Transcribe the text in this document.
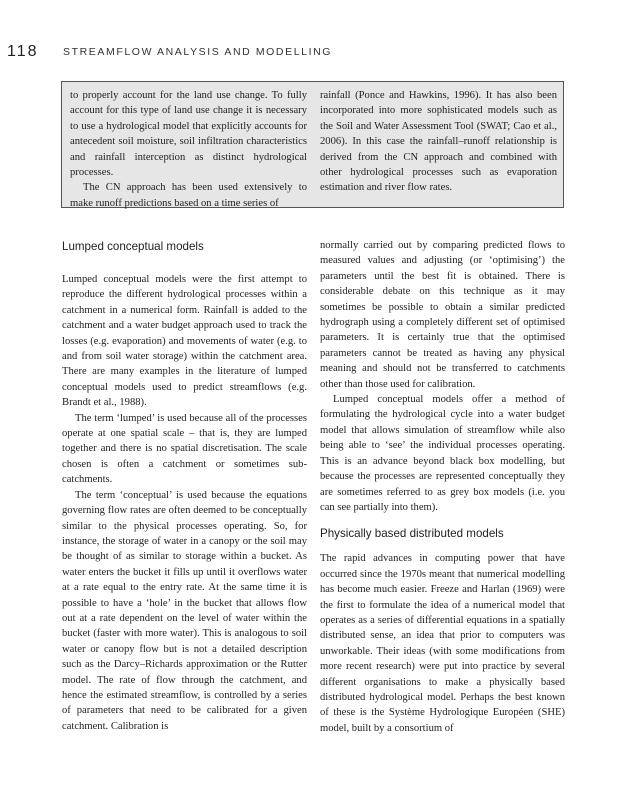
118 STREAMFLOW ANALYSIS AND MODELLING

to properly account for the land use change. To fully account for this type of land use change it is necessary to use a hydrological model that explicitly accounts for antecedent soil moisture, soil infiltration characteristics and rainfall interception as distinct hydrological processes.

The CN approach has been used extensively to make runoff predictions based on a time series of

rainfall (Ponce and Hawkins, 1996). It has also been incorporated into more sophisticated models such as the Soil and Water Assessment Tool (SWAT; Cao et al., 2006). In this case the rainfall–runoff relationship is derived from the CN approach and combined with other hydrological processes such as evaporation estimation and river flow rates.

Lumped conceptual models

Lumped conceptual models were the first attempt to reproduce the different hydrological processes within a catchment in a numerical form. Rainfall is added to the catchment and a water budget approach used to track the losses (e.g. evaporation) and movements of water (e.g. to and from soil water storage) within the catchment area. There are many examples in the literature of lumped conceptual models used to predict streamflows (e.g. Brandt et al., 1988).

The term ‘lumped’ is used because all of the processes operate at one spatial scale – that is, they are lumped together and there is no spatial discretisation. The scale chosen is often a catchment or sometimes sub-catchments.

The term ‘conceptual’ is used because the equations governing flow rates are often deemed to be conceptually similar to the physical processes operating. So, for instance, the storage of water in a canopy or the soil may be thought of as similar to storage within a bucket. As water enters the bucket it fills up until it overflows water at a rate equal to the entry rate. At the same time it is possible to have a ‘hole’ in the bucket that allows flow out at a rate dependent on the level of water within the bucket (faster with more water). This is analogous to soil water or canopy flow but is not a detailed description such as the Darcy–Richards approximation or the Rutter model. The rate of flow through the catchment, and hence the estimated streamflow, is controlled by a series of parameters that need to be calibrated for a given catchment. Calibration is

normally carried out by comparing predicted flows to measured values and adjusting (or ‘optimising’) the parameters until the best fit is obtained. There is considerable debate on this technique as it may sometimes be possible to obtain a similar predicted hydrograph using a completely different set of optimised parameters. It is certainly true that the optimised parameters cannot be treated as having any physical meaning and should not be transferred to catchments other than those used for calibration.

Lumped conceptual models offer a method of formulating the hydrological cycle into a water budget model that allows simulation of streamflow while also being able to ‘see’ the individual processes operating. This is an advance beyond black box modelling, but because the processes are represented conceptually they are sometimes referred to as grey box models (i.e. you can see partially into them).

Physically based distributed models

The rapid advances in computing power that have occurred since the 1970s meant that numerical modelling has become much easier. Freeze and Harlan (1969) were the first to formulate the idea of a numerical model that operates as a series of differential equations in a spatially distributed sense, an idea that prior to computers was unworkable. Their ideas (with some modifications from more recent research) were put into practice by several different organisations to make a physically based distributed hydrological model. Perhaps the best known of these is the Système Hydrologique Européen (SHE) model, built by a consortium of
